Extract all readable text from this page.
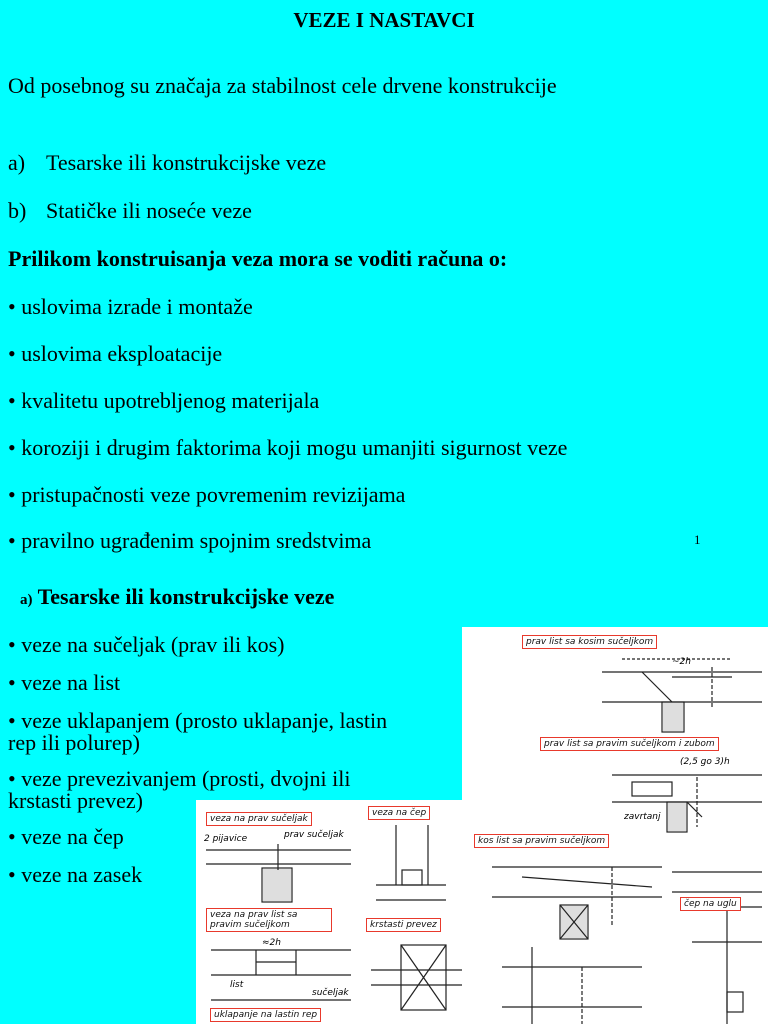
VEZE I NASTAVCI
Od posebnog su značaja za stabilnost cele drvene konstrukcije
a) Tesarske ili konstrukcijske veze
b) Statičke ili noseće veze
Prilikom konstruisanja veza mora se voditi računa o:
• uslovima izrade i montaže
• uslovima eksploatacije
• kvalitetu upotrebljenog materijala
• koroziji i drugim faktorima koji mogu umanjiti sigurnost veze
• pristupačnosti veze povremenim revizijama
• pravilno ugrađenim spojnim sredstvima	1
a) Tesarske ili konstrukcijske veze
• veze na sučeljak (prav ili kos)
• veze na list
• veze uklapanjem (prosto uklapanje, lastin rep ili polurep)
• veze prevezivanjem (prosti, dvojni ili krstasti prevez)
• veze na čep
• veze na zasek
prav list sa kosim sučeljkom
prav list sa pravim sučeljkom i zubom
kos list sa pravim sučeljkom
čep na uglu
~2h
(2,5 go 3)h
zavrtanj
veza na prav sučeljak
veza na čep
veza na prav list sa pravim sučeljkom	krstasti prevez
uklapanje na lastin rep
2 pijavice	prav sučeljak
list
sučeljak
≈2h
